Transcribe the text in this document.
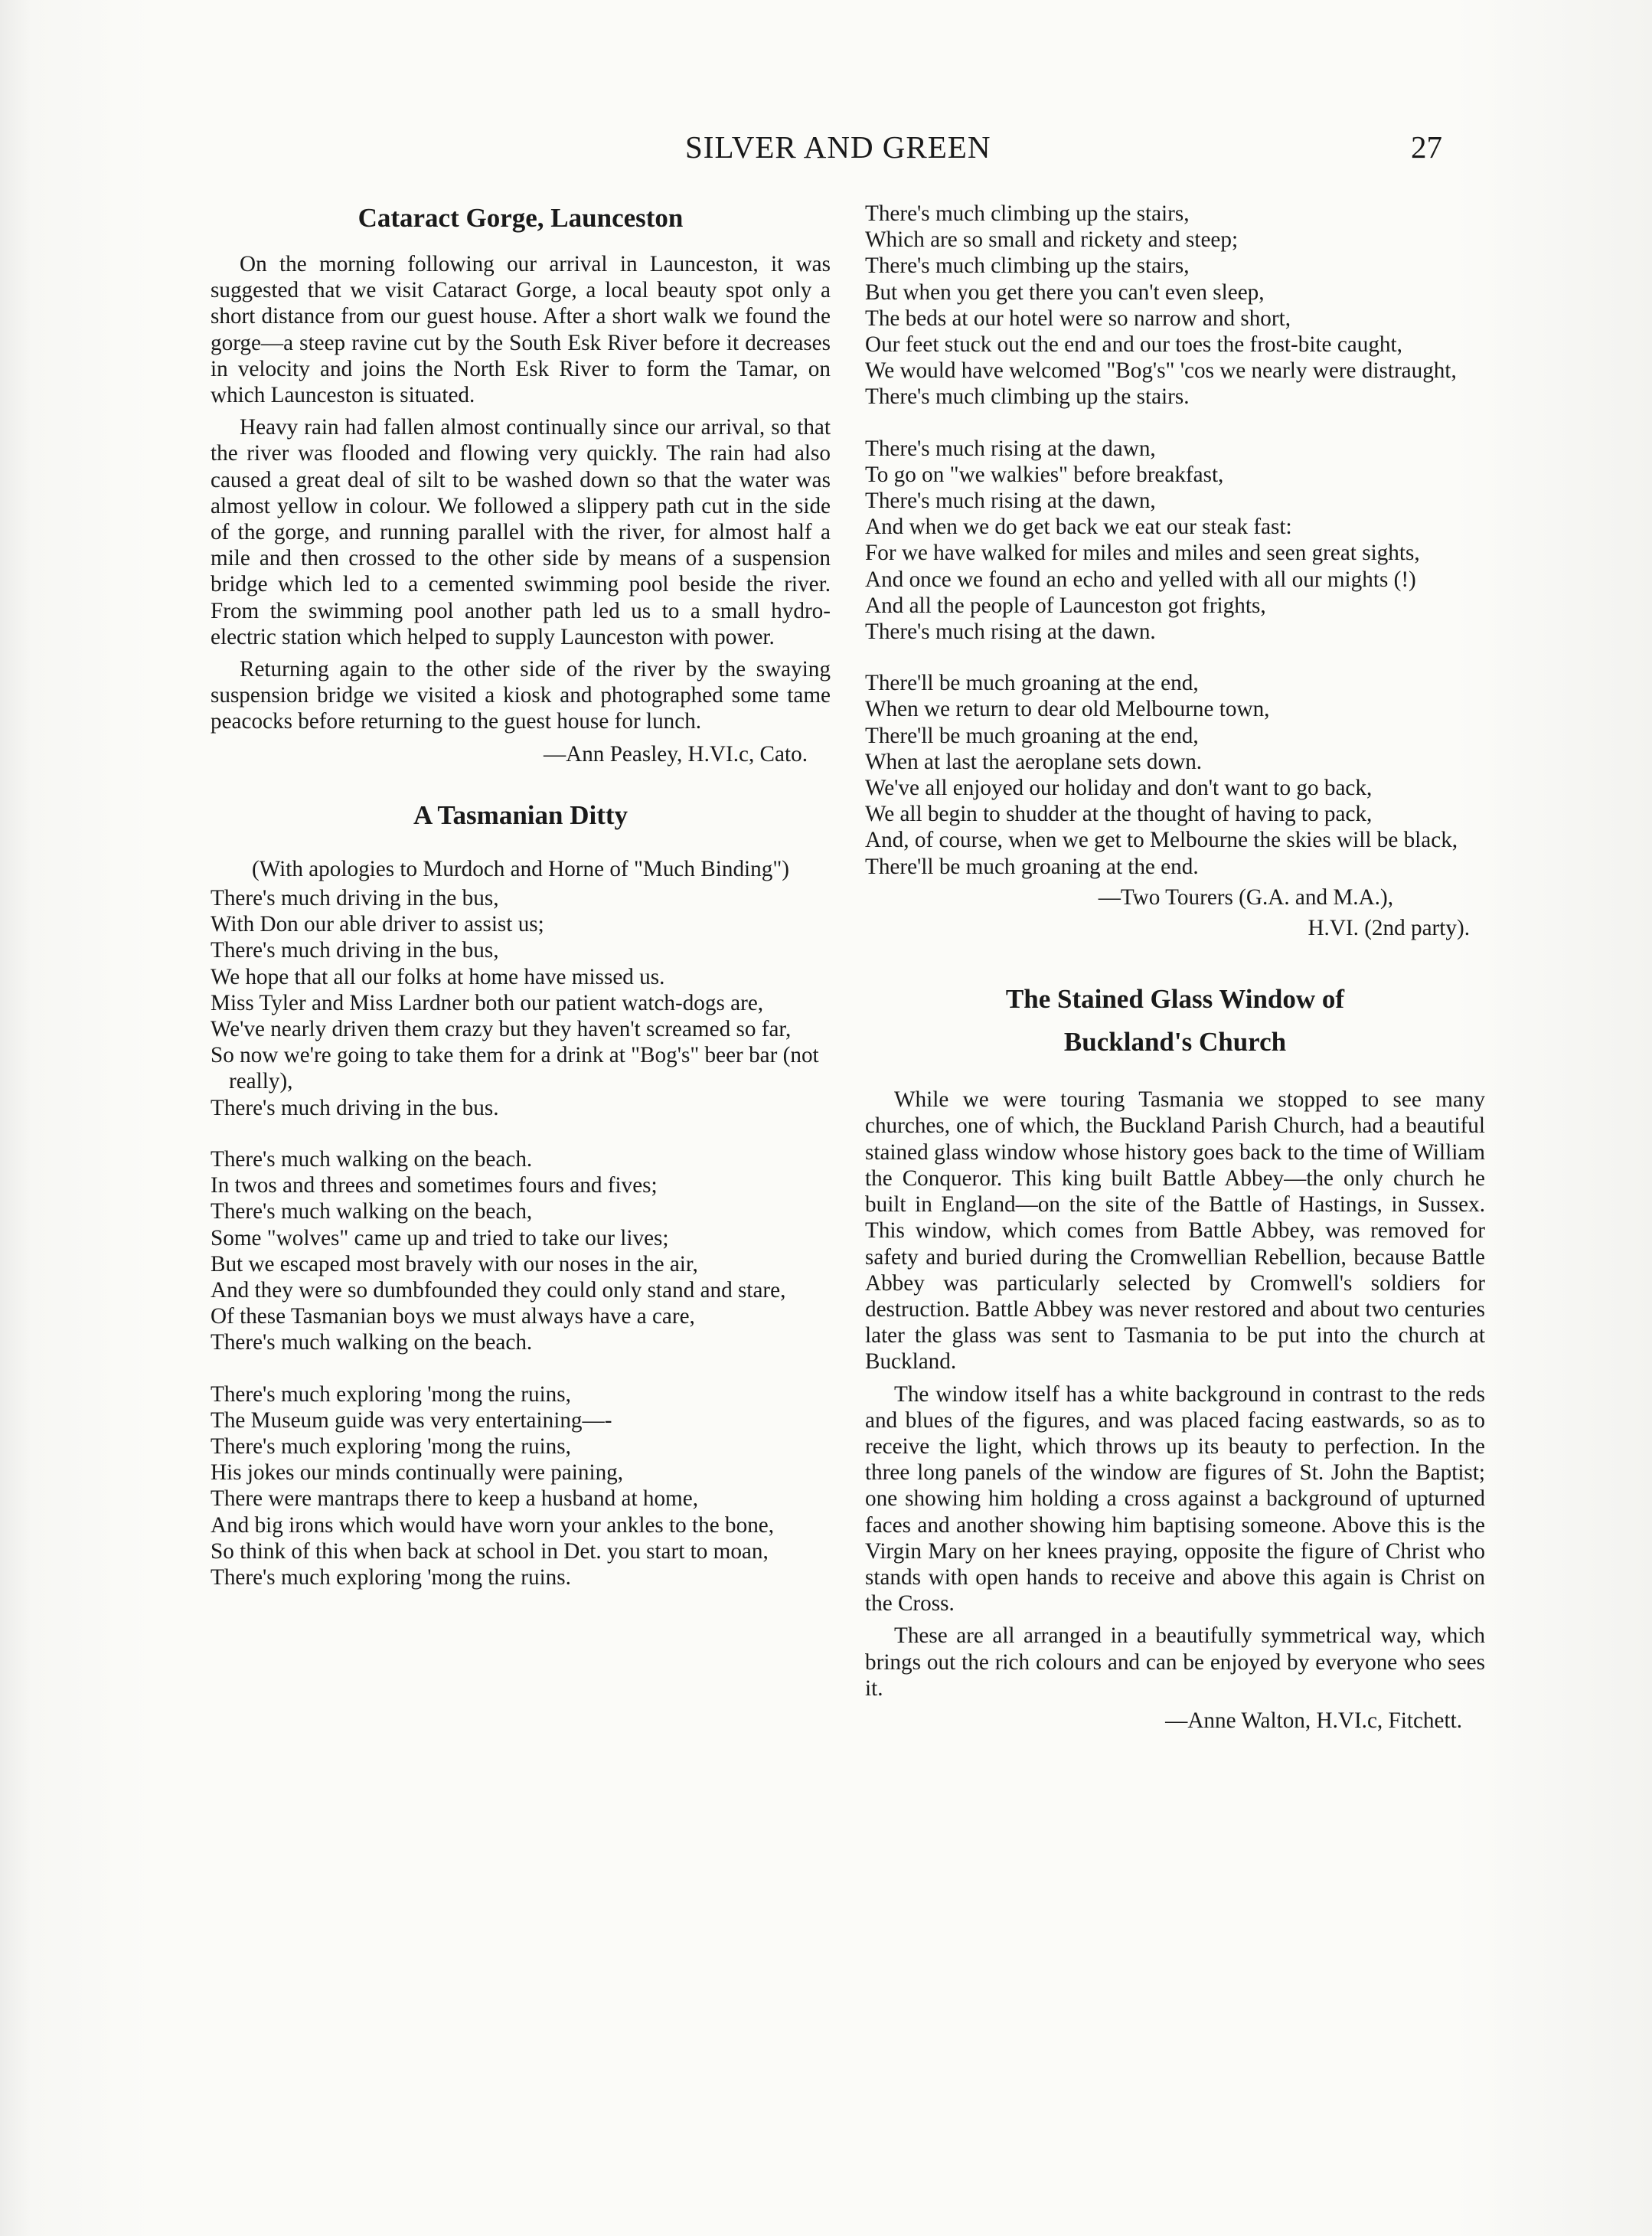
SILVER AND GREEN	27
Cataract Gorge, Launceston

On the morning following our arrival in Launceston, it was suggested that we visit Cataract Gorge, a local beauty spot only a short distance from our guest house. After a short walk we found the gorge—a steep ravine cut by the South Esk River before it decreases in velocity and joins the North Esk River to form the Tamar, on which Launceston is situated.

Heavy rain had fallen almost continually since our arrival, so that the river was flooded and flowing very quickly. The rain had also caused a great deal of silt to be washed down so that the water was almost yellow in colour. We followed a slippery path cut in the side of the gorge, and running parallel with the river, for almost half a mile and then crossed to the other side by means of a suspension bridge which led to a cemented swimming pool beside the river. From the swimming pool another path led us to a small hydro-electric station which helped to supply Launceston with power.

Returning again to the other side of the river by the swaying suspension bridge we visited a kiosk and photographed some tame peacocks before returning to the guest house for lunch.

—Ann Peasley, H.VI.c, Cato.
A Tasmanian Ditty
(With apologies to Murdoch and Horne of "Much Binding")
There's much driving in the bus,
With Don our able driver to assist us;
There's much driving in the bus,
We hope that all our folks at home have missed us.
Miss Tyler and Miss Lardner both our patient watch-dogs are,
We've nearly driven them crazy but they haven't screamed so far,
So now we're going to take them for a drink at "Bog's" beer bar (not really),
There's much driving in the bus.
There's much walking on the beach.
In twos and threes and sometimes fours and fives;
There's much walking on the beach,
Some "wolves" came up and tried to take our lives;
But we escaped most bravely with our noses in the air,
And they were so dumbfounded they could only stand and stare,
Of these Tasmanian boys we must always have a care,
There's much walking on the beach.
There's much exploring 'mong the ruins,
The Museum guide was very entertaining—-
There's much exploring 'mong the ruins,
His jokes our minds continually were paining,
There were mantraps there to keep a husband at home,
And big irons which would have worn your ankles to the bone,
So think of this when back at school in Det. you start to moan,
There's much exploring 'mong the ruins.
There's much climbing up the stairs,
Which are so small and rickety and steep;
There's much climbing up the stairs,
But when you get there you can't even sleep,
The beds at our hotel were so narrow and short,
Our feet stuck out the end and our toes the frost-bite caught,
We would have welcomed "Bog's" 'cos we nearly were distraught,
There's much climbing up the stairs.
There's much rising at the dawn,
To go on "we walkies" before breakfast,
There's much rising at the dawn,
And when we do get back we eat our steak fast:
For we have walked for miles and miles and seen great sights,
And once we found an echo and yelled with all our mights (!)
And all the people of Launceston got frights,
There's much rising at the dawn.
There'll be much groaning at the end,
When we return to dear old Melbourne town,
There'll be much groaning at the end,
When at last the aeroplane sets down.
We've all enjoyed our holiday and don't want to go back,
We all begin to shudder at the thought of having to pack,
And, of course, when we get to Melbourne the skies will be black,
There'll be much groaning at the end.
—Two Tourers (G.A. and M.A.),
H.VI. (2nd party).
The Stained Glass Window of
Buckland's Church

While we were touring Tasmania we stopped to see many churches, one of which, the Buckland Parish Church, had a beautiful stained glass window whose history goes back to the time of William the Conqueror. This king built Battle Abbey—the only church he built in England—on the site of the Battle of Hastings, in Sussex. This window, which comes from Battle Abbey, was removed for safety and buried during the Cromwellian Rebellion, because Battle Abbey was particularly selected by Cromwell's soldiers for destruction. Battle Abbey was never restored and about two centuries later the glass was sent to Tasmania to be put into the church at Buckland.

The window itself has a white background in contrast to the reds and blues of the figures, and was placed facing eastwards, so as to receive the light, which throws up its beauty to perfection. In the three long panels of the window are figures of St. John the Baptist; one showing him holding a cross against a background of upturned faces and another showing him baptising someone. Above this is the Virgin Mary on her knees praying, opposite the figure of Christ who stands with open hands to receive and above this again is Christ on the Cross.

These are all arranged in a beautifully symmetrical way, which brings out the rich colours and can be enjoyed by everyone who sees it.

—Anne Walton, H.VI.c, Fitchett.
